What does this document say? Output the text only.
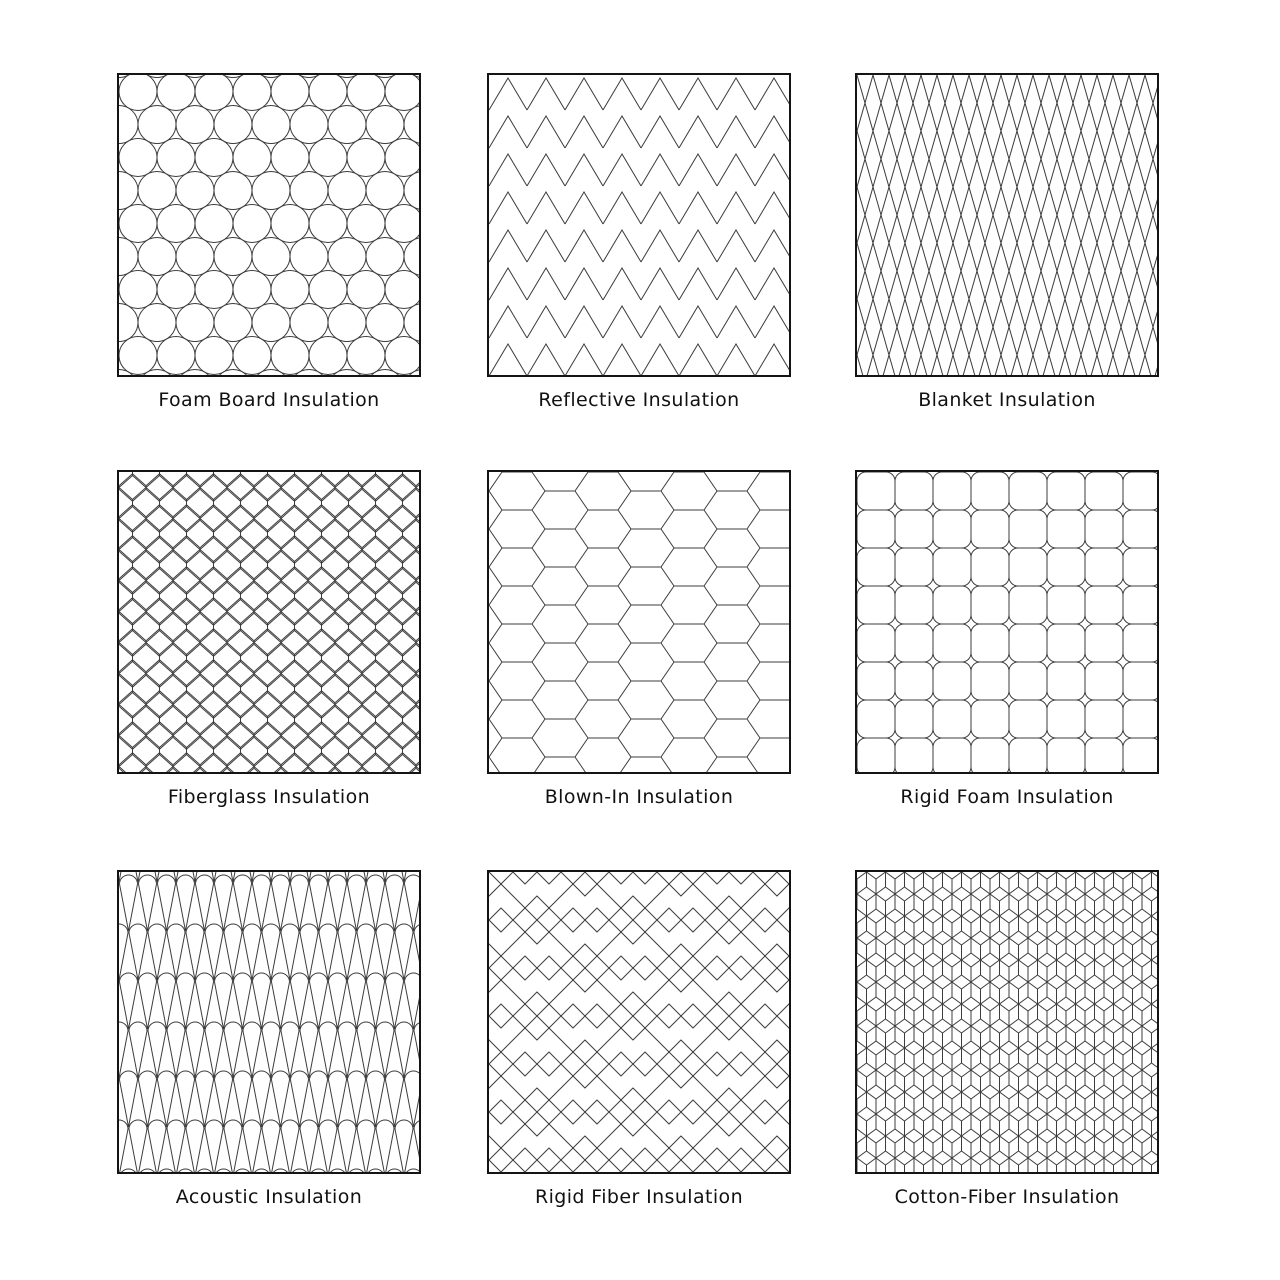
Foam Board Insulation	Reflective Insulation	Blanket Insulation
Fiberglass Insulation	Blown-In Insulation	Rigid Foam Insulation
Acoustic Insulation	Rigid Fiber Insulation	Cotton-Fiber Insulation
